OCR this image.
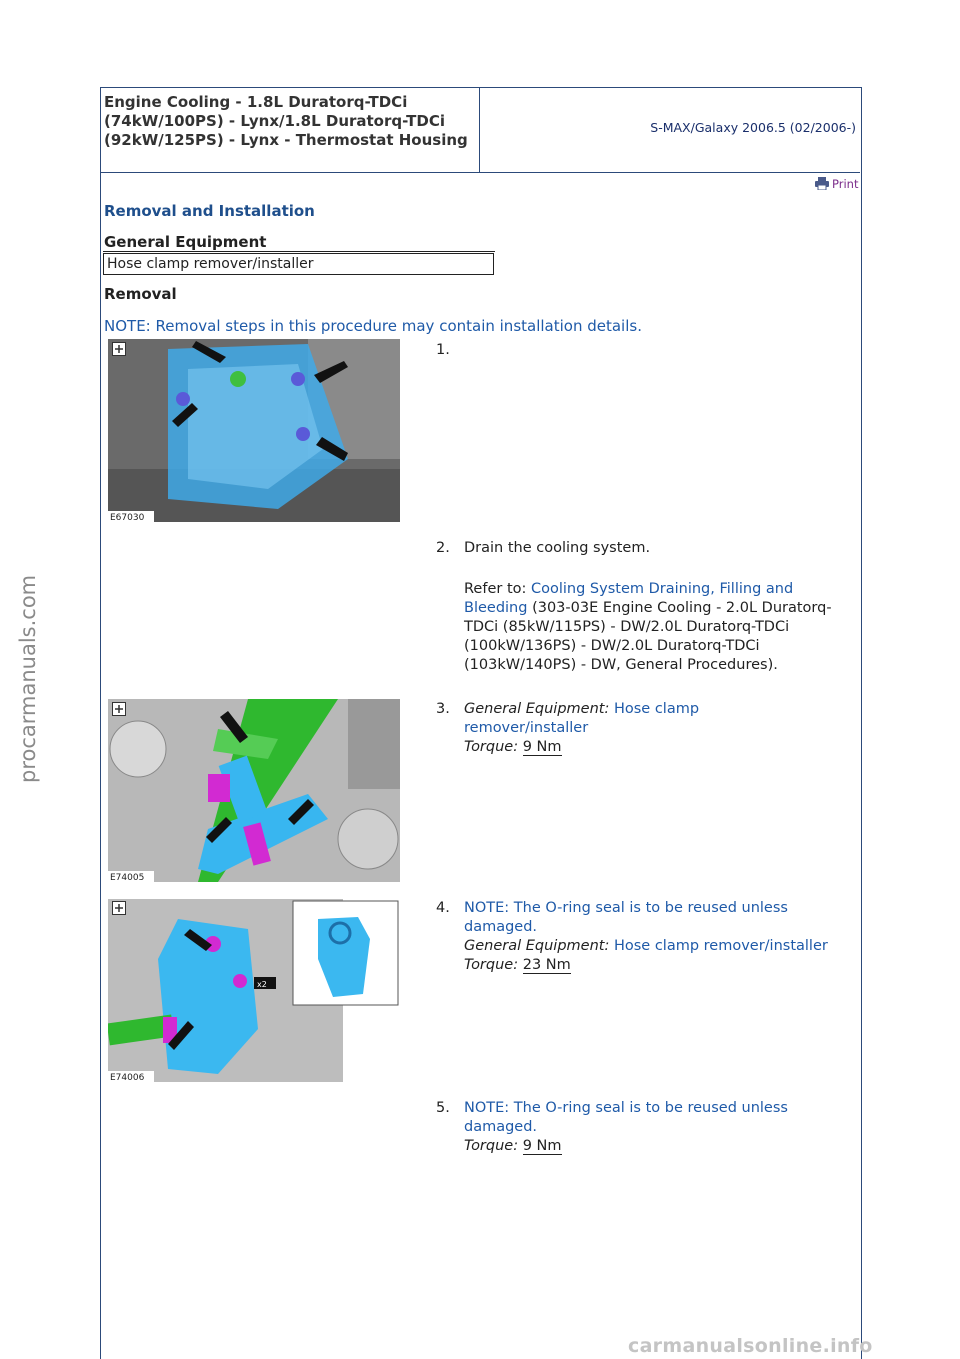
Engine Cooling - 1.8L Duratorq-TDCi (74kW/100PS) - Lynx/1.8L Duratorq-TDCi (92kW/125PS) - Lynx - Thermostat Housing
S-MAX/Galaxy 2006.5 (02/2006-)
Print
Removal and Installation
General Equipment
Hose clamp remover/installer
Removal
NOTE: Removal steps in this procedure may contain installation details.
E67030
1.
2. Drain the cooling system.

Refer to: Cooling System Draining, Filling and Bleeding (303-03E Engine Cooling - 2.0L Duratorq-TDCi (85kW/115PS) - DW/2.0L Duratorq-TDCi (100kW/136PS) - DW/2.0L Duratorq-TDCi (103kW/140PS) - DW, General Procedures).

E74005
3. General Equipment: Hose clamp remover/installer

Torque: 9 Nm

x2
E74006
4. NOTE: The O-ring seal is to be reused unless damaged.

General Equipment: Hose clamp remover/installer

Torque: 23 Nm

5. NOTE: The O-ring seal is to be reused unless damaged.

Torque: 9 Nm

procarmanuals.com
carmanualsonline.info
